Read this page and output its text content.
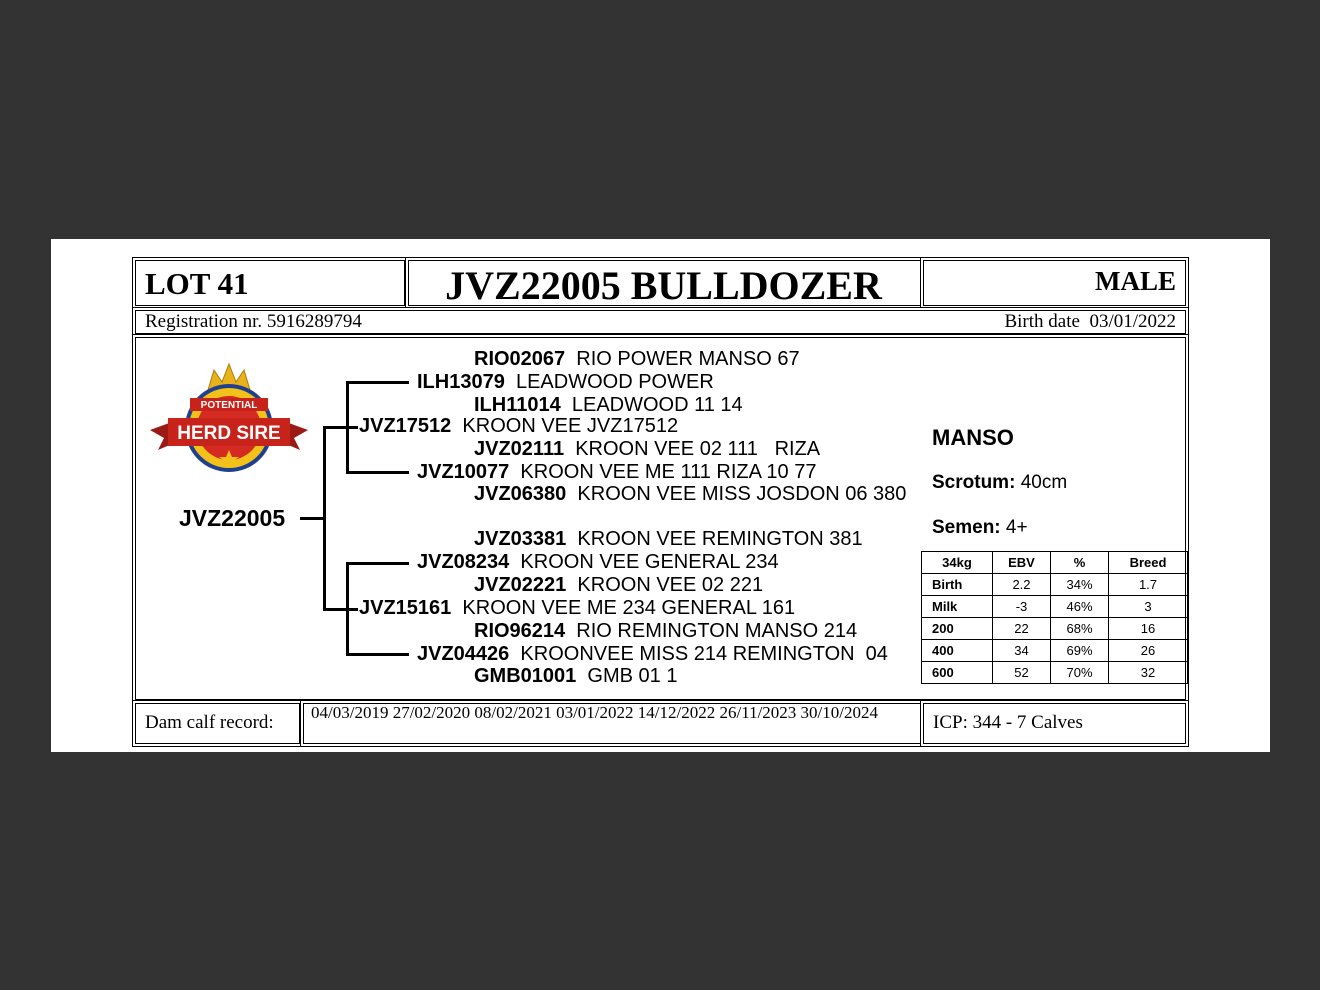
LOT 41	JVZ22005 BULLDOZER	MALE
Registration nr. 5916289794	Birth date 03/01/2022
POTENTIAL
HERD SIRE
JVZ22005
RIO02067 RIO POWER MANSO 67
ILH13079 LEADWOOD POWER
ILH11014 LEADWOOD 11 14
JVZ17512 KROON VEE JVZ17512
JVZ02111 KROON VEE 02 111   RIZA
JVZ10077 KROON VEE ME 111 RIZA 10 77
JVZ06380 KROON VEE MISS JOSDON 06 380
JVZ03381 KROON VEE REMINGTON 381
JVZ08234 KROON VEE GENERAL 234
JVZ02221 KROON VEE 02 221
JVZ15161 KROON VEE ME 234 GENERAL 161
RIO96214 RIO REMINGTON MANSO 214
JVZ04426 KROONVEE MISS 214 REMINGTON  04
GMB01001 GMB 01 1
MANSO
Scrotum: 40cm
Semen: 4+
34kg	EBV	%	Breed
Birth	2.2	34%	1.7
Milk	-3	46%	3
200	22	68%	16
400	34	69%	26
600	52	70%	32
Dam calf record: 04/03/2019 27/02/2020 08/02/2021 03/01/2022 14/12/2022 26/11/2023 30/10/2024	ICP: 344 - 7 Calves
